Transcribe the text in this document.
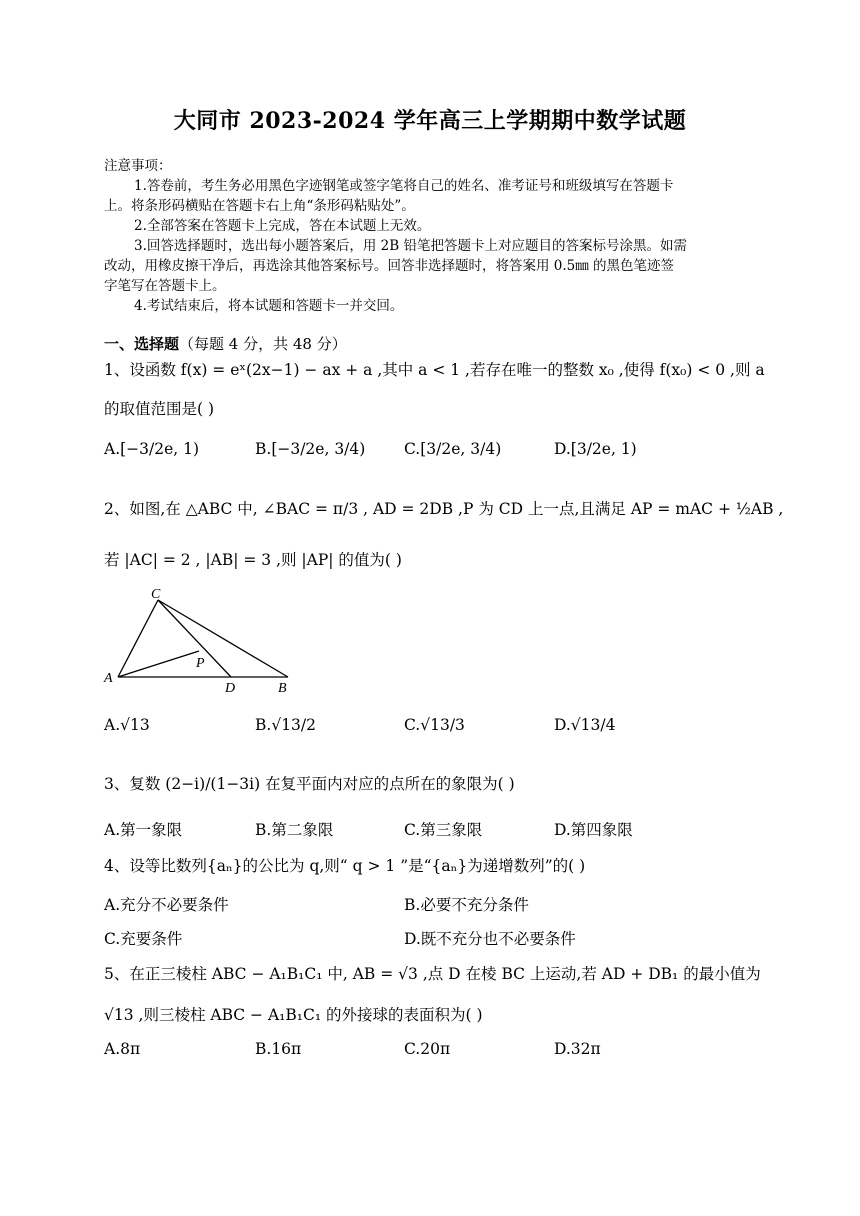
大同市 2023-2024 学年高三上学期期中数学试题
注意事项：
1.答卷前，考生务必用黑色字迹钢笔或签字笔将自己的姓名、准考证号和班级填写在答题卡
上。将条形码横贴在答题卡右上角“条形码粘贴处”。
2.全部答案在答题卡上完成，答在本试题上无效。
3.回答选择题时，选出每小题答案后，用 2B 铅笔把答题卡上对应题目的答案标号涂黑。如需
改动，用橡皮擦干净后，再选涂其他答案标号。回答非选择题时，将答案用 0.5㎜ 的黑色笔迹签
字笔写在答题卡上。
4.考试结束后，将本试题和答题卡一并交回。
一、选择题（每题 4 分，共 48 分）
1、设函数 f(x) = eˣ(2x−1) − ax + a ,其中 a < 1 ,若存在唯一的整数 x₀ ,使得 f(x₀) < 0 ,则 a
的取值范围是( )
A.[−3/2e, 1)	B.[−3/2e, 3/4) C.[3/2e, 3/4)	D.[3/2e, 1)
2、如图,在 △ABC 中, ∠BAC = π/3 , AD = 2DB ,P 为 CD 上一点,且满足 AP = mAC + ½AB ,
若 |AC| = 2 , |AB| = 3 ,则 |AP| 的值为( )
C
A
P
D	B
A.√13	B.√13/2	C.√13/3	D.√13/4
3、复数 (2−i)/(1−3i) 在复平面内对应的点所在的象限为( )
A.第一象限	B.第二象限	C.第三象限	D.第四象限
4、设等比数列{aₙ}的公比为 q,则“ q > 1 ”是“{aₙ}为递增数列”的( )
A.充分不必要条件	B.必要不充分条件
C.充要条件	D.既不充分也不必要条件
5、在正三棱柱 ABC − A₁B₁C₁ 中, AB = √3 ,点 D 在棱 BC 上运动,若 AD + DB₁ 的最小值为
√13 ,则三棱柱 ABC − A₁B₁C₁ 的外接球的表面积为( )
A.8π	B.16π	C.20π	D.32π
